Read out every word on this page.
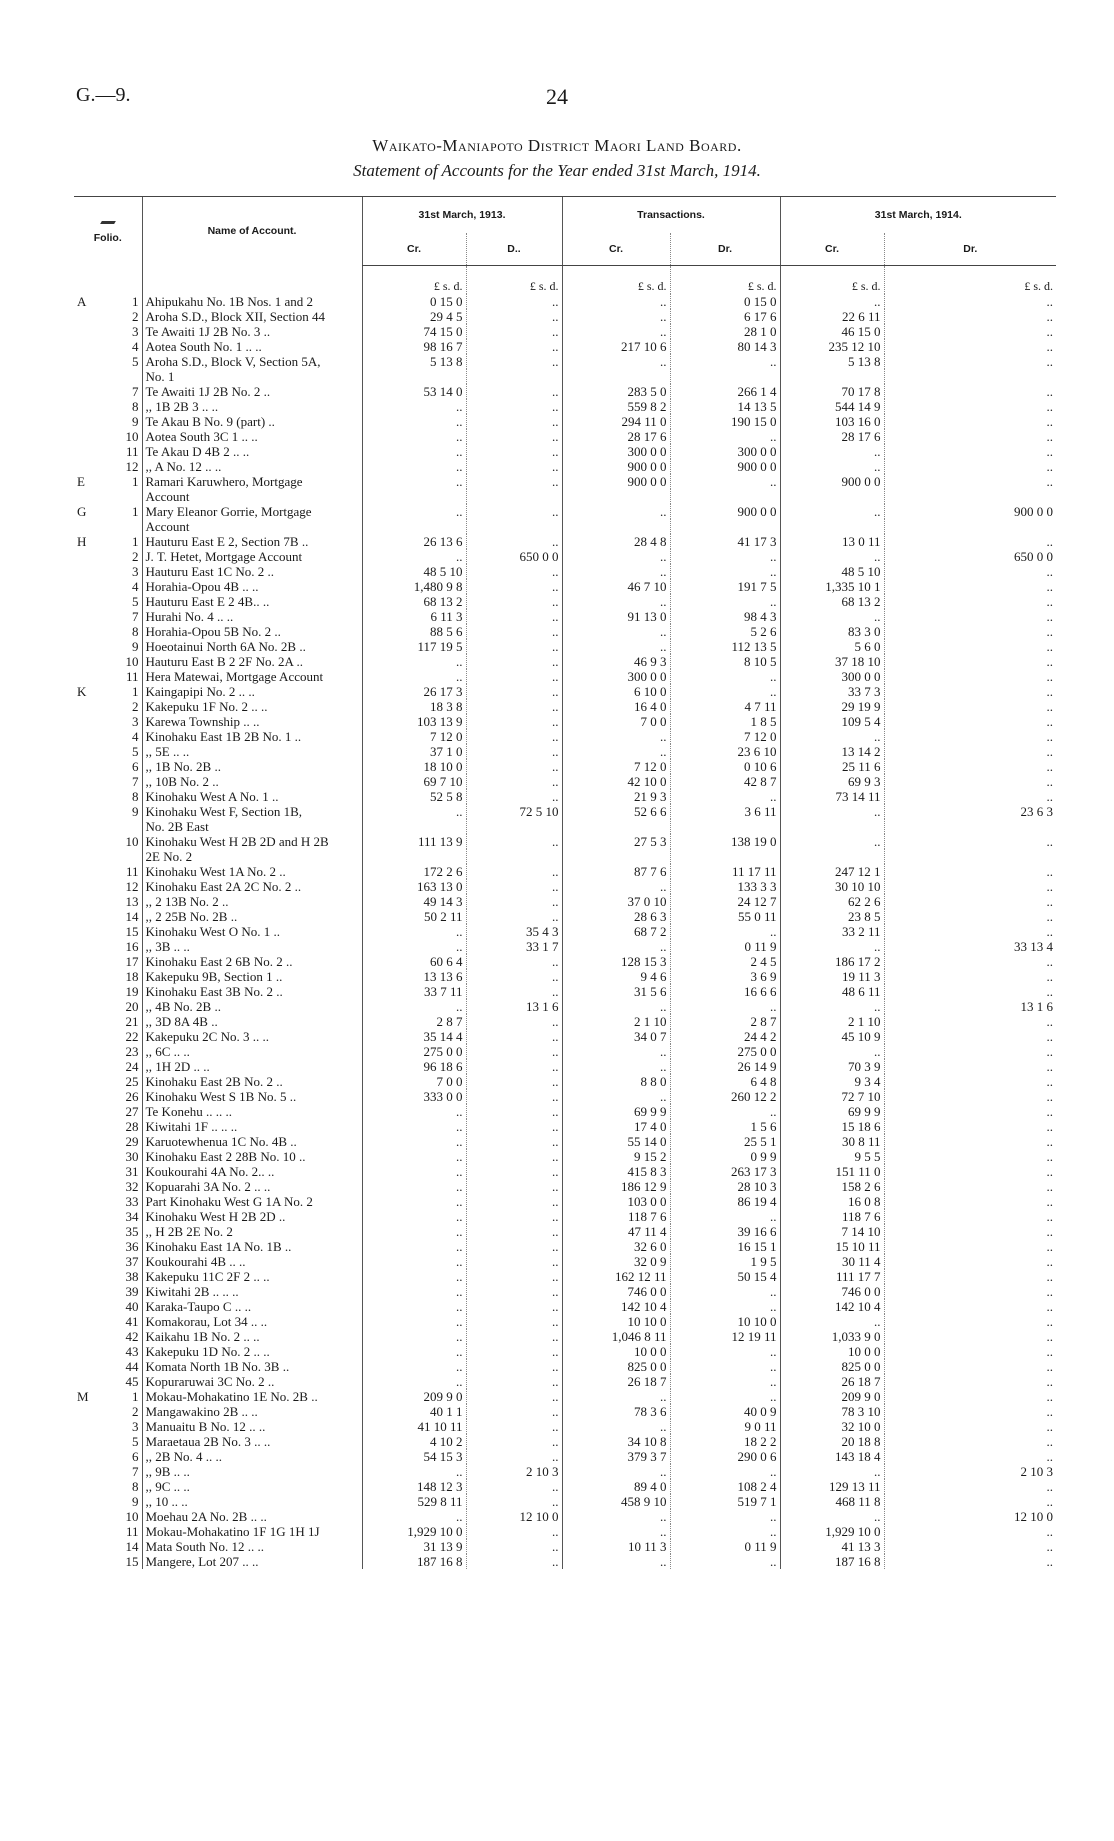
G.—9.	24
Waikato-Maniapoto District Maori Land Board.
Statement of Accounts for the Year ended 31st March, 1914.

Folio.		Name of Account.	31st March, 1913.		Transactions.		31st March, 1914.	
			Cr.	D..	Cr.	Dr.	Cr.	Dr.
			£ s. d.	£ s. d.	£ s. d.	£ s. d.	£ s. d.	£ s. d.
A	1	Ahipukahu No. 1B Nos. 1 and 2	0 15 0	..	..	0 15 0	..	..
	2	Aroha S.D., Block XII, Section 44	29 4 5	..	..	6 17 6	22 6 11	..
	3	Te Awaiti 1J 2B No. 3 ..	74 15 0	..	..	28 1 0	46 15 0	..
	4	Aotea South No. 1 .. ..	98 16 7	..	217 10 6	80 14 3	235 12 10	..
	5	Aroha S.D., Block V, Section 5A,	5 13 8	..	..	..	5 13 8	..
		No. 1						
	7	Te Awaiti 1J 2B No. 2 ..	53 14 0	..	283 5 0	266 1 4	70 17 8	..
	8	,, 1B 2B 3 .. ..	..	..	559 8 2	14 13 5	544 14 9	..
	9	Te Akau B No. 9 (part) ..	..	..	294 11 0	190 15 0	103 16 0	..
	10	Aotea South 3C 1 .. ..	..	..	28 17 6	..	28 17 6	..
	11	Te Akau D 4B 2 .. ..	..	..	300 0 0	300 0 0	..	..
	12	,, A No. 12 .. ..	..	..	900 0 0	900 0 0	..	..
E	1	Ramari Karuwhero, Mortgage	..	..	900 0 0	..	900 0 0	..
		Account						
G	1	Mary Eleanor Gorrie, Mortgage	..	..	..	900 0 0	..	900 0 0
		Account						
H	1	Hauturu East E 2, Section 7B ..	26 13 6	..	28 4 8	41 17 3	13 0 11	..
	2	J. T. Hetet, Mortgage Account	..	650 0 0	..	..	..	650 0 0
	3	Hauturu East 1C No. 2 ..	48 5 10	..	..	..	48 5 10	..
	4	Horahia-Opou 4B .. ..	1,480 9 8	..	46 7 10	191 7 5	1,335 10 1	..
	5	Hauturu East E 2 4B.. ..	68 13 2	..	..	..	68 13 2	..
	7	Hurahi No. 4 .. ..	6 11 3	..	91 13 0	98 4 3	..	..
	8	Horahia-Opou 5B No. 2 ..	88 5 6	..	..	5 2 6	83 3 0	..
	9	Hoeotainui North 6A No. 2B ..	117 19 5	..	..	112 13 5	5 6 0	..
	10	Hauturu East B 2 2F No. 2A ..	..	..	46 9 3	8 10 5	37 18 10	..
	11	Hera Matewai, Mortgage Account	..	..	300 0 0	..	300 0 0	..
K	1	Kaingapipi No. 2 .. ..	26 17 3	..	6 10 0	..	33 7 3	..
	2	Kakepuku 1F No. 2 .. ..	18 3 8	..	16 4 0	4 7 11	29 19 9	..
	3	Karewa Township .. ..	103 13 9	..	7 0 0	1 8 5	109 5 4	..
	4	Kinohaku East 1B 2B No. 1 ..	7 12 0	..	..	7 12 0	..	..
	5	,, 5E .. ..	37 1 0	..	..	23 6 10	13 14 2	..
	6	,, 1B No. 2B ..	18 10 0	..	7 12 0	0 10 6	25 11 6	..
	7	,, 10B No. 2 ..	69 7 10	..	42 10 0	42 8 7	69 9 3	..
	8	Kinohaku West A No. 1 ..	52 5 8	..	21 9 3	..	73 14 11	..
	9	Kinohaku West F, Section 1B,	..	72 5 10	52 6 6	3 6 11	..	23 6 3
		No. 2B East						
	10	Kinohaku West H 2B 2D and H 2B	111 13 9	..	27 5 3	138 19 0	..	..
		2E No. 2						
	11	Kinohaku West 1A No. 2 ..	172 2 6	..	87 7 6	11 17 11	247 12 1	..
	12	Kinohaku East 2A 2C No. 2 ..	163 13 0	..	..	133 3 3	30 10 10	..
	13	,, 2 13B No. 2 ..	49 14 3	..	37 0 10	24 12 7	62 2 6	..
	14	,, 2 25B No. 2B ..	50 2 11	..	28 6 3	55 0 11	23 8 5	..
	15	Kinohaku West O No. 1 ..	..	35 4 3	68 7 2	..	33 2 11	..
	16	,, 3B .. ..	..	33 1 7	..	0 11 9	..	33 13 4
	17	Kinohaku East 2 6B No. 2 ..	60 6 4	..	128 15 3	2 4 5	186 17 2	..
	18	Kakepuku 9B, Section 1 ..	13 13 6	..	9 4 6	3 6 9	19 11 3	..
	19	Kinohaku East 3B No. 2 ..	33 7 11	..	31 5 6	16 6 6	48 6 11	..
	20	,, 4B No. 2B ..	..	13 1 6	..	..	..	13 1 6
	21	,, 3D 8A 4B ..	2 8 7	..	2 1 10	2 8 7	2 1 10	..
	22	Kakepuku 2C No. 3 .. ..	35 14 4	..	34 0 7	24 4 2	45 10 9	..
	23	,, 6C .. ..	275 0 0	..	..	275 0 0	..	..
	24	,, 1H 2D .. ..	96 18 6	..	..	26 14 9	70 3 9	..
	25	Kinohaku East 2B No. 2 ..	7 0 0	..	8 8 0	6 4 8	9 3 4	..
	26	Kinohaku West S 1B No. 5 ..	333 0 0	..	..	260 12 2	72 7 10	..
	27	Te Konehu .. .. ..	..	..	69 9 9	..	69 9 9	..
	28	Kiwitahi 1F .. .. ..	..	..	17 4 0	1 5 6	15 18 6	..
	29	Karuotewhenua 1C No. 4B ..	..	..	55 14 0	25 5 1	30 8 11	..
	30	Kinohaku East 2 28B No. 10 ..	..	..	9 15 2	0 9 9	9 5 5	..
	31	Koukourahi 4A No. 2.. ..	..	..	415 8 3	263 17 3	151 11 0	..
	32	Kopuarahi 3A No. 2 .. ..	..	..	186 12 9	28 10 3	158 2 6	..
	33	Part Kinohaku West G 1A No. 2	..	..	103 0 0	86 19 4	16 0 8	..
	34	Kinohaku West H 2B 2D ..	..	..	118 7 6	..	118 7 6	..
	35	,, H 2B 2E No. 2	..	..	47 11 4	39 16 6	7 14 10	..
	36	Kinohaku East 1A No. 1B ..	..	..	32 6 0	16 15 1	15 10 11	..
	37	Koukourahi 4B .. ..	..	..	32 0 9	1 9 5	30 11 4	..
	38	Kakepuku 11C 2F 2 .. ..	..	..	162 12 11	50 15 4	111 17 7	..
	39	Kiwitahi 2B .. .. ..	..	..	746 0 0	..	746 0 0	..
	40	Karaka-Taupo C .. ..	..	..	142 10 4	..	142 10 4	..
	41	Komakorau, Lot 34 .. ..	..	..	10 10 0	10 10 0	..	..
	42	Kaikahu 1B No. 2 .. ..	..	..	1,046 8 11	12 19 11	1,033 9 0	..
	43	Kakepuku 1D No. 2 .. ..	..	..	10 0 0	..	10 0 0	..
	44	Komata North 1B No. 3B ..	..	..	825 0 0	..	825 0 0	..
	45	Kopuraruwai 3C No. 2 ..	..	..	26 18 7	..	26 18 7	..
M	1	Mokau-Mohakatino 1E No. 2B ..	209 9 0	..	..	..	209 9 0	..
	2	Mangawakino 2B .. ..	40 1 1	..	78 3 6	40 0 9	78 3 10	..
	3	Manuaitu B No. 12 .. ..	41 10 11	..	..	9 0 11	32 10 0	..
	5	Maraetaua 2B No. 3 .. ..	4 10 2	..	34 10 8	18 2 2	20 18 8	..
	6	,, 2B No. 4 .. ..	54 15 3	..	379 3 7	290 0 6	143 18 4	..
	7	,, 9B .. ..	..	2 10 3	..	..	..	2 10 3
	8	,, 9C .. ..	148 12 3	..	89 4 0	108 2 4	129 13 11	..
	9	,, 10 .. ..	529 8 11	..	458 9 10	519 7 1	468 11 8	..
	10	Moehau 2A No. 2B .. ..	..	12 10 0	..	..	..	12 10 0
	11	Mokau-Mohakatino 1F 1G 1H 1J	1,929 10 0	..	..	..	1,929 10 0	..
	14	Mata South No. 12 .. ..	31 13 9	..	10 11 3	0 11 9	41 13 3	..
	15	Mangere, Lot 207 .. ..	187 16 8	..	..	..	187 16 8	..
